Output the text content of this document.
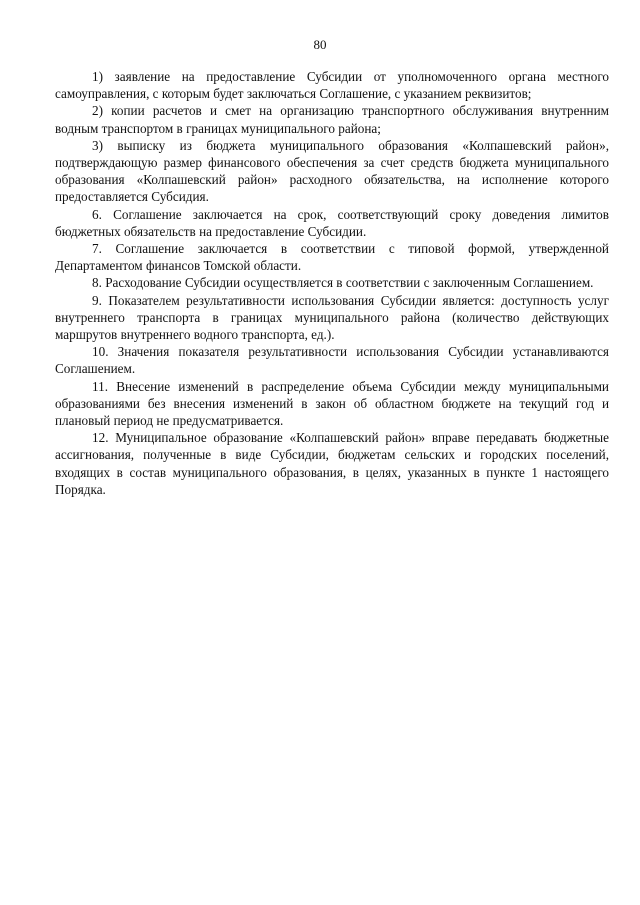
80

1) заявление на предоставление Субсидии от уполномоченного органа местного самоуправления, с которым будет заключаться Соглашение, с указанием реквизитов;

2) копии расчетов и смет на организацию транспортного обслуживания внутренним водным транспортом в границах муниципального района;

3) выписку из бюджета муниципального образования «Колпашевский район», подтверждающую размер финансового обеспечения за счет средств бюджета муниципального образования «Колпашевский район» расходного обязательства, на исполнение которого предоставляется Субсидия.

6. Соглашение заключается на срок, соответствующий сроку доведения лимитов бюджетных обязательств на предоставление Субсидии.

7. Соглашение заключается в соответствии с типовой формой, утвержденной Департаментом финансов Томской области.

8. Расходование Субсидии осуществляется в соответствии с заключенным Соглашением.

9. Показателем результативности использования Субсидии является: доступность услуг внутреннего транспорта в границах муниципального района (количество действующих маршрутов внутреннего водного транспорта, ед.).

10. Значения показателя результативности использования Субсидии устанавливаются Соглашением.

11. Внесение изменений в распределение объема Субсидии между муниципальными образованиями без внесения изменений в закон об областном бюджете на текущий год и плановый период не предусматривается.

12. Муниципальное образование «Колпашевский район» вправе передавать бюджетные ассигнования, полученные в виде Субсидии, бюджетам сельских и городских поселений, входящих в состав муниципального образования, в целях, указанных в пункте 1 настоящего Порядка.
